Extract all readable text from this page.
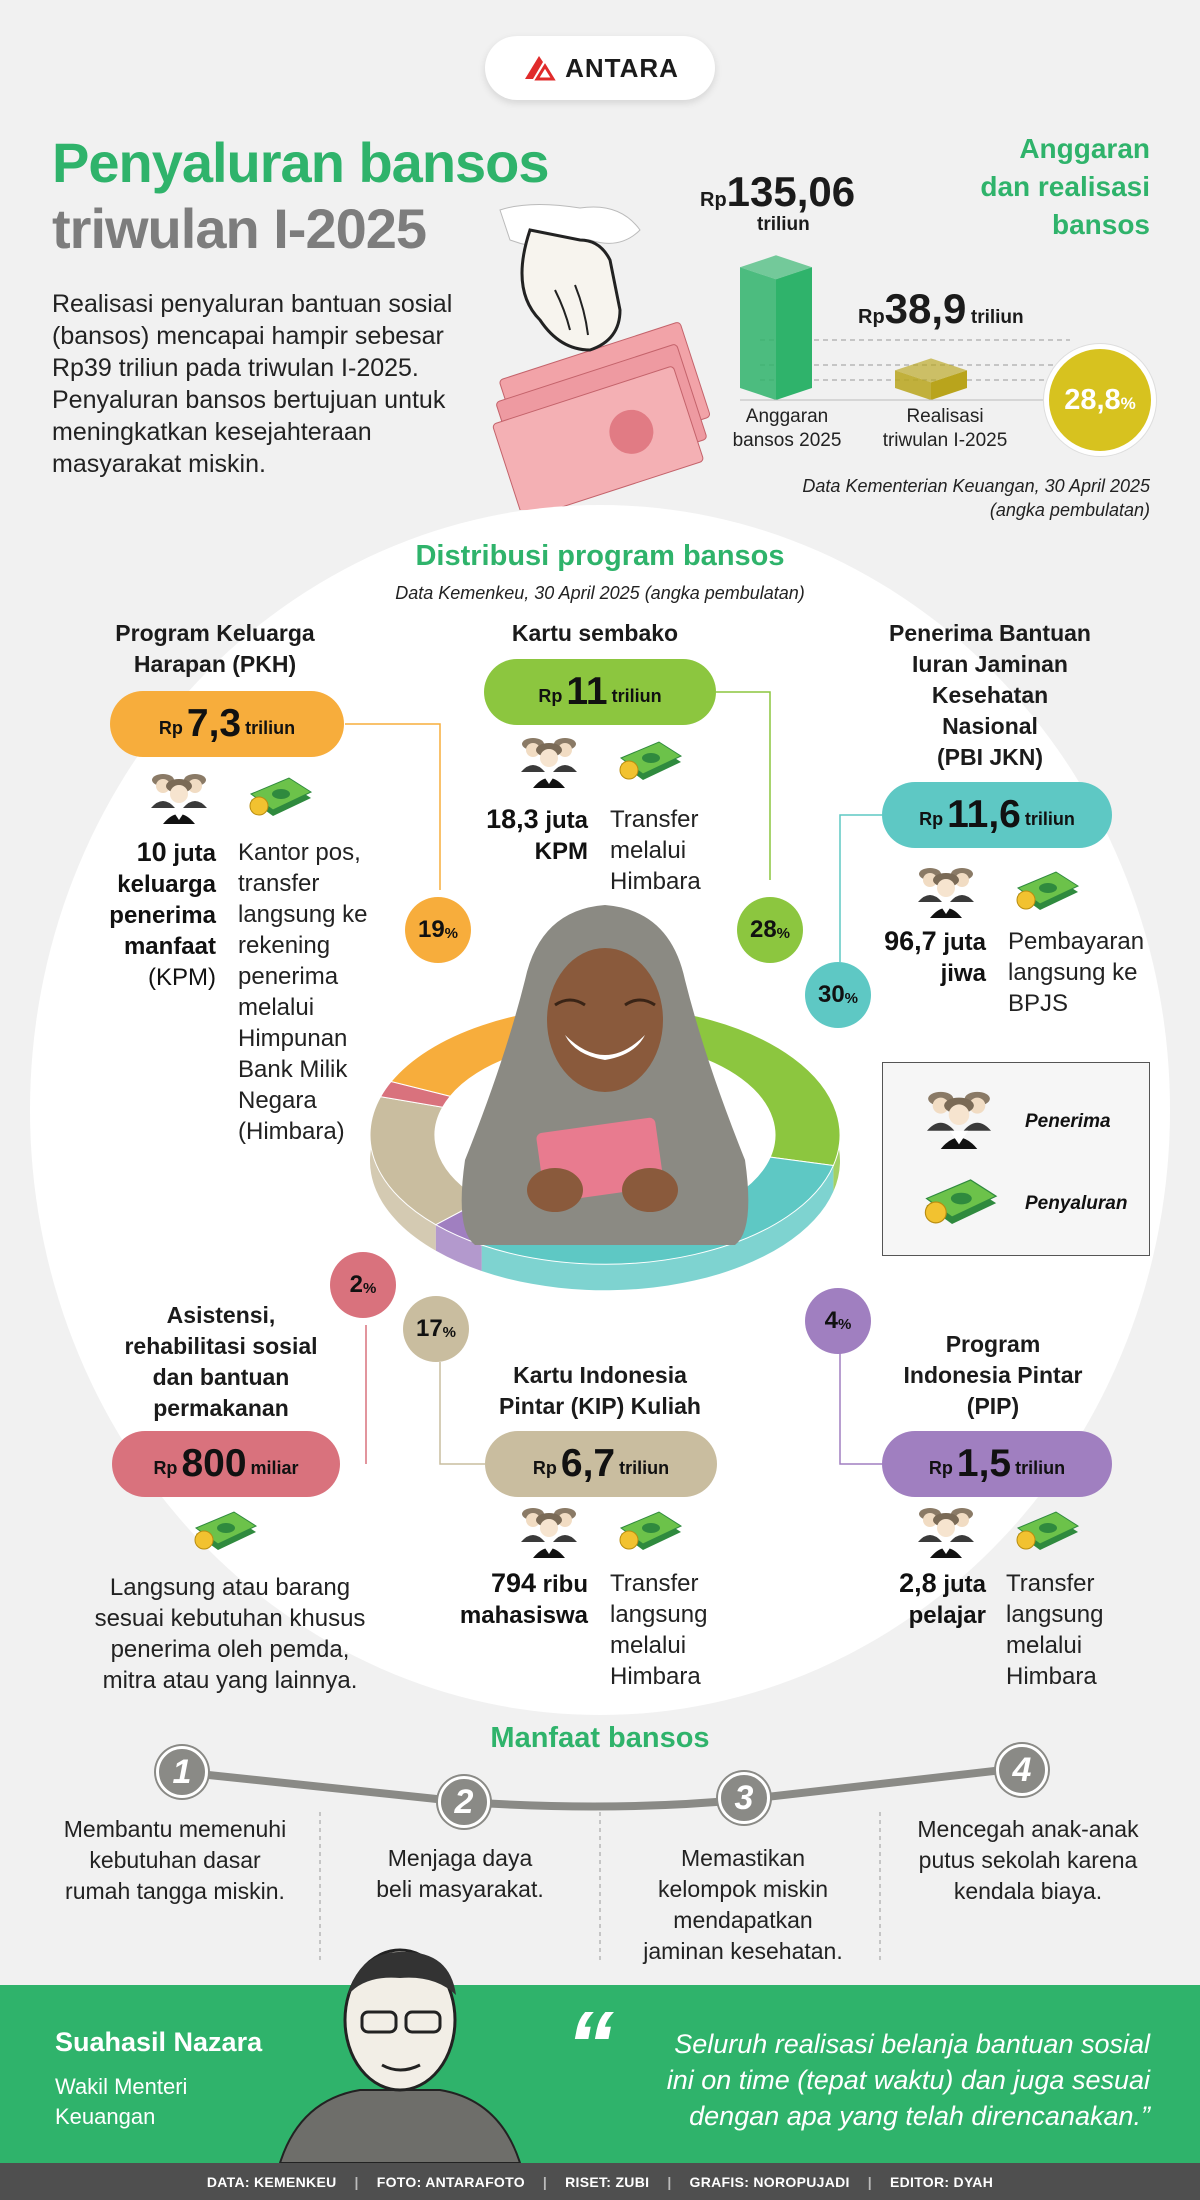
ANTARA
Penyaluran bansos
triwulan I-2025
Realisasi penyaluran bantuan sosial (bansos) mencapai hampir sebesar Rp39 triliun pada triwulan I-2025. Penyaluran bansos bertujuan untuk meningkatkan kesejahteraan masyarakat miskin.
Anggaran
dan realisasi
bansos
Rp135,06
triliun
Rp38,9 triliun
Anggaran
bansos 2025
Realisasi
triwulan I-2025
28,8 %
Data Kementerian Keuangan, 30 April 2025
(angka pembulatan)
Distribusi program bansos
Data Kemenkeu, 30 April 2025 (angka pembulatan)
Program Keluarga
Harapan (PKH)
Rp 7,3 triliun
10 juta
keluarga
penerima
manfaat
(KPM)
Kantor pos,
transfer
langsung ke
rekening
penerima
melalui
Himpunan
Bank Milik
Negara
(Himbara)
19 %
Kartu sembako
Rp 11 triliun
18,3 juta
KPM
Transfer
melalui
Himbara
28 %
Penerima Bantuan
Iuran Jaminan
Kesehatan
Nasional
(PBI JKN)
Rp 11,6 triliun
96,7 juta
jiwa
Pembayaran
langsung ke
BPJS
30 %
Penerima
Penyaluran
2 %
Asistensi,
rehabilitasi sosial
dan bantuan
permakanan
Rp 800 miliar
Langsung atau barang
sesuai kebutuhan khusus
penerima oleh pemda,
mitra atau yang lainnya.
17 %
Kartu Indonesia
Pintar (KIP) Kuliah
Rp 6,7 triliun
794 ribu
mahasiswa
Transfer
langsung
melalui
Himbara
4 %
Program
Indonesia Pintar
(PIP)
Rp 1,5 triliun
2,8 juta
pelajar
Transfer
langsung
melalui
Himbara
Manfaat bansos
1
2	3
4
Membantu memenuhi
kebutuhan dasar
rumah tangga miskin.
Menjaga daya
beli masyarakat.
Memastikan
kelompok miskin
mendapatkan
jaminan kesehatan.
Mencegah anak-anak
putus sekolah karena
kendala biaya.
Suahasil Nazara
Wakil Menteri
Keuangan
“	Seluruh realisasi belanja bantuan sosial
ini on time (tepat waktu) dan juga sesuai
dengan apa yang telah direncanakan.”
DATA: KEMENKEU | FOTO: ANTARAFOTO | RISET: ZUBI | GRAFIS: NOROPUJADI | EDITOR: DYAH
